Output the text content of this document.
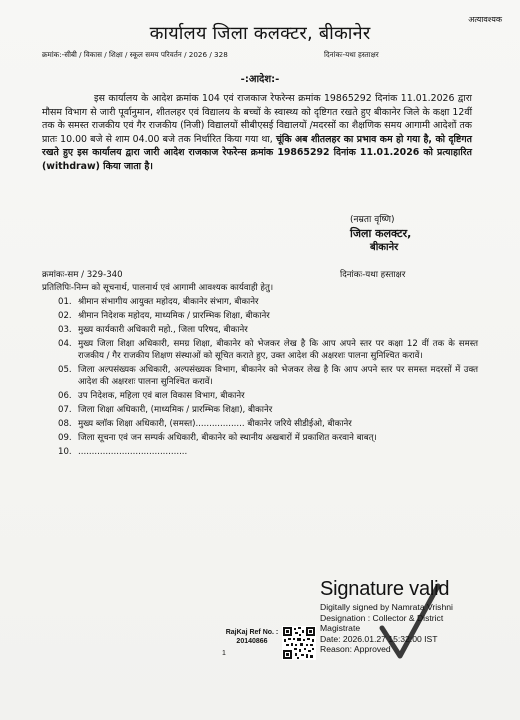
अत्यावश्यक
कार्यालय जिला कलक्टर, बीकानेर
क्रमांक:-सीबी / विकास / शिक्षा / स्कूल समय परिवर्तन / 2026 / 328	दिनांकः-यथा हस्ताक्षर
-:आदेश:-
इस कार्यालय के आदेश क्रमांक 104 एवं राजकाज रेफरेन्स क्रमांक 19865292 दिनांक 11.01.2026 द्वारा मौसम विभाग से जारी पूर्वानुमान, शीतलहर एवं विद्यालय के बच्चों के स्वास्थ्य को दृष्टिगत रखते हुए बीकानेर जिले के कक्षा 12वीं तक के समस्त राजकीय एवं गैर राजकीय (निजी) विद्यालयों सीबीएसई विद्यालयों /मदरसों का शैक्षणिक समय आगामी आदेशों तक प्रातः 10.00 बजे से शाम 04.00 बजे तक निर्धारित किया गया था, चूंकि अब शीतलहर का प्रभाव कम हो गया है, को दृष्टिगत रखते हुए इस कार्यालय द्वारा जारी आदेश राजकाज रेफरेन्स क्रमांक 19865292 दिनांक 11.01.2026 को प्रत्याहारित (withdraw) किया जाता है।
(नम्रता वृष्णि)
जिला कलक्टर,
बीकानेर
क्रमांकः-सम / 329-340	दिनांकः-यथा हस्ताक्षर
प्रतिलिपिः-निम्न को सूचनार्थ, पालनार्थ एवं आगामी आवश्यक कार्यवाही हेतु।
01. श्रीमान संभागीय आयुक्त महोदय, बीकानेर संभाग, बीकानेर
02. श्रीमान निदेशक महोदय, माध्यमिक / प्रारम्भिक शिक्षा, बीकानेर
03. मुख्य कार्यकारी अधिकारी महो., जिला परिषद, बीकानेर
04. मुख्य जिला शिक्षा अधिकारी, समग्र शिक्षा, बीकानेर को भेजकर लेख है कि आप अपने स्तर पर कक्षा 12 वीं तक के समस्त राजकीय / गैर राजकीय शिक्षण संस्थाओं को सूचित कराते हुए, उक्त आदेश की अक्षरशः पालना सुनिश्चित करावें।
05. जिला अल्पसंख्यक अधिकारी, अल्पसंख्यक विभाग, बीकानेर को भेजकर लेख है कि आप अपने स्तर पर समस्त मदरसों में उक्त आदेश की अक्षरशः पालना सुनिश्चित करावें।
06. उप निदेशक, महिला एवं बाल विकास विभाग, बीकानेर
07. जिला शिक्षा अधिकारी, (माध्यमिक / प्रारम्भिक शिक्षा), बीकानेर
08. मुख्य ब्लॉक शिक्षा अधिकारी, (समस्त).................. बीकानेर जरिये सीडीईओ, बीकानेर
09. जिला सूचना एवं जन सम्पर्क अधिकारी, बीकानेर को स्थानीय अखबारों में प्रकाशित करवाने बाबत्।
10. ........................................
RajKaj Ref No. :
20140866
1
Signature valid
Digitally signed by Namrata Vrishni
Designation : Collector & District
Magistrate
Date: 2026.01.27 15:32:00 IST
Reason: Approved
